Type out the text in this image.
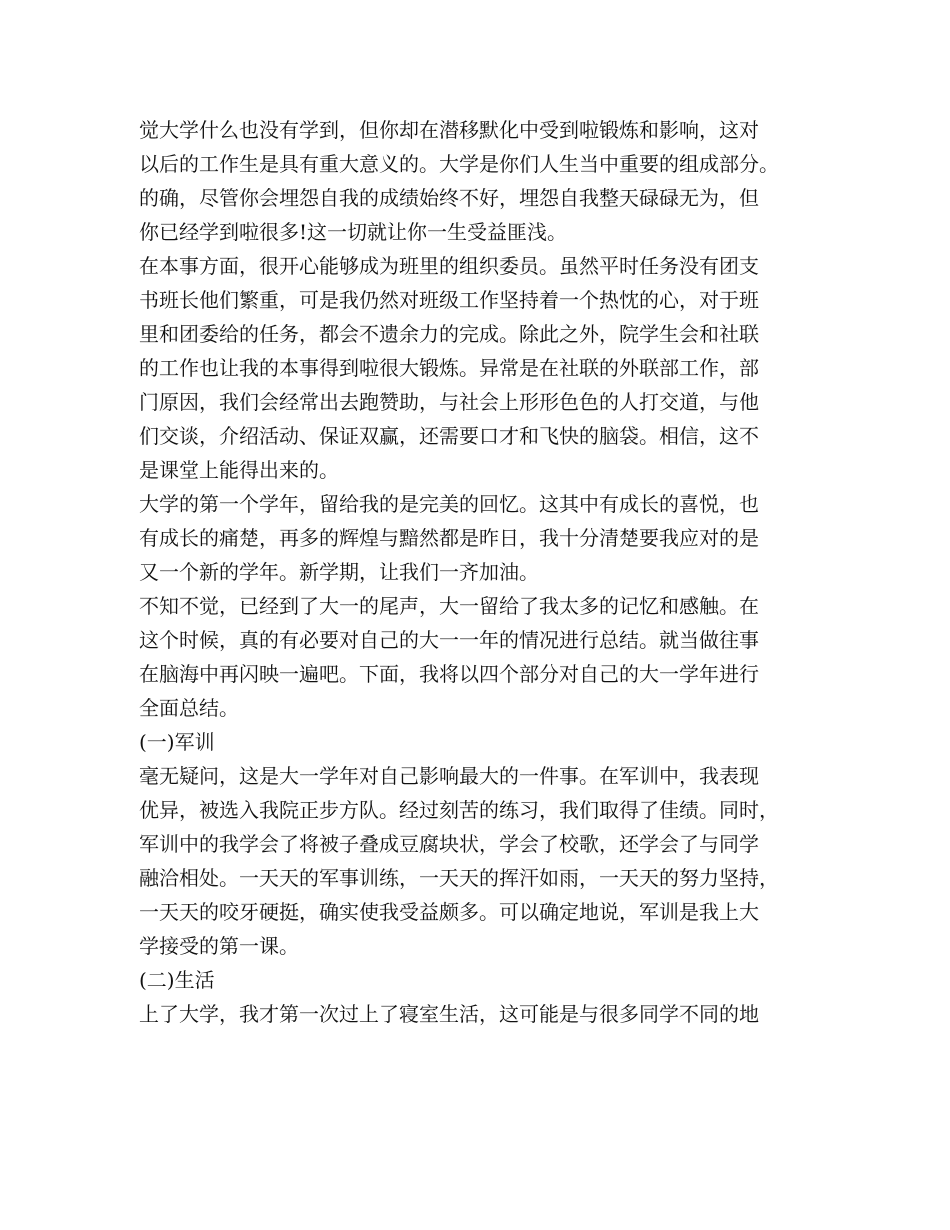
觉大学什么也没有学到，但你却在潜移默化中受到啦锻炼和影响，这对
以后的工作生是具有重大意义的。大学是你们人生当中重要的组成部分。
的确，尽管你会埋怨自我的成绩始终不好，埋怨自我整天碌碌无为，但
你已经学到啦很多!这一切就让你一生受益匪浅。
在本事方面，很开心能够成为班里的组织委员。虽然平时任务没有团支
书班长他们繁重，可是我仍然对班级工作坚持着一个热忱的心，对于班
里和团委给的任务，都会不遗余力的完成。除此之外，院学生会和社联
的工作也让我的本事得到啦很大锻炼。异常是在社联的外联部工作，部
门原因，我们会经常出去跑赞助，与社会上形形色色的人打交道，与他
们交谈，介绍活动、保证双赢，还需要口才和飞快的脑袋。相信，这不
是课堂上能得出来的。
大学的第一个学年，留给我的是完美的回忆。这其中有成长的喜悦，也
有成长的痛楚，再多的辉煌与黯然都是昨日，我十分清楚要我应对的是
又一个新的学年。新学期，让我们一齐加油。
不知不觉，已经到了大一的尾声，大一留给了我太多的记忆和感触。在
这个时候，真的有必要对自己的大一一年的情况进行总结。就当做往事
在脑海中再闪映一遍吧。下面，我将以四个部分对自己的大一学年进行
全面总结。
(一)军训
毫无疑问，这是大一学年对自己影响最大的一件事。在军训中，我表现
优异，被选入我院正步方队。经过刻苦的练习，我们取得了佳绩。同时，
军训中的我学会了将被子叠成豆腐块状，学会了校歌，还学会了与同学
融洽相处。一天天的军事训练，一天天的挥汗如雨，一天天的努力坚持，
一天天的咬牙硬挺，确实使我受益颇多。可以确定地说，军训是我上大
学接受的第一课。
(二)生活
上了大学，我才第一次过上了寝室生活，这可能是与很多同学不同的地
